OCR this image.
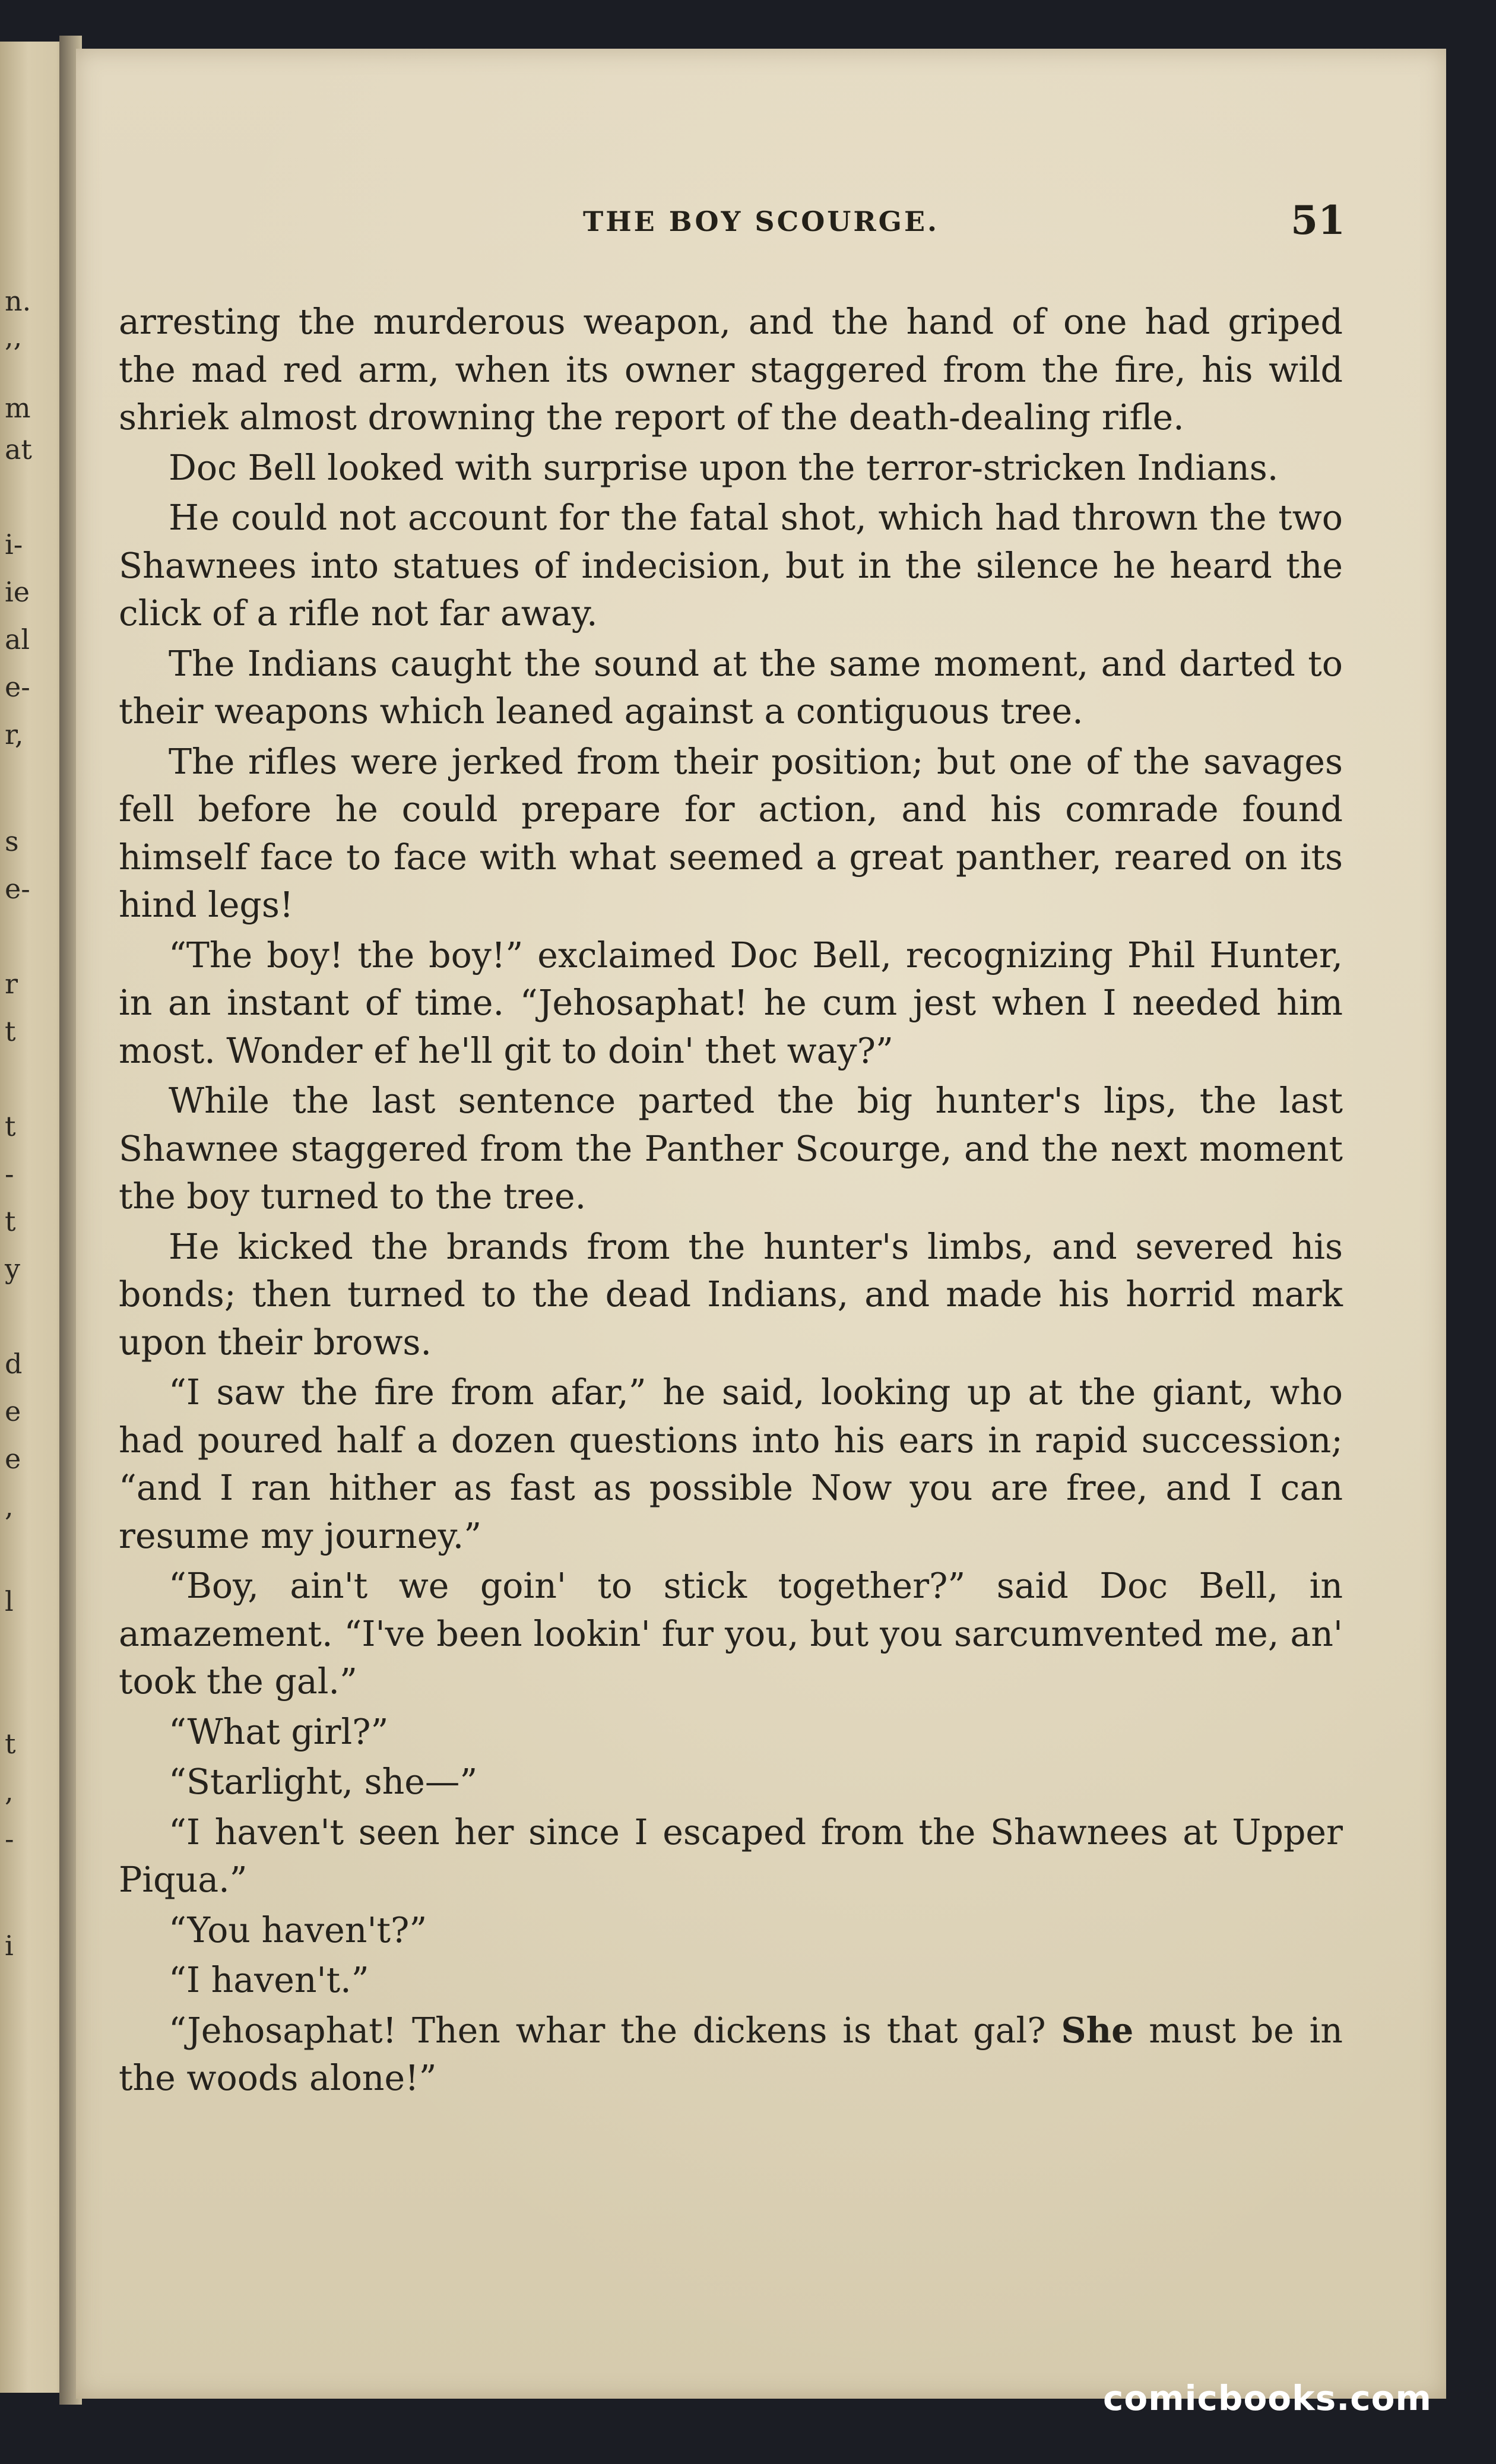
n.
,,
m
at
i-
ie
al
e-
r,
s
e-
r
t
t
-
t
y
d
e
e
,
l
t
,
-
i
THE BOY SCOURGE.	51

arresting the murderous weapon, and the hand of one had griped the mad red arm, when its owner staggered from the fire, his wild shriek almost drowning the report of the death-dealing rifle.

Doc Bell looked with surprise upon the terror-stricken Indians.

He could not account for the fatal shot, which had thrown the two Shawnees into statues of indecision, but in the silence he heard the click of a rifle not far away.

The Indians caught the sound at the same moment, and darted to their weapons which leaned against a contiguous tree.

The rifles were jerked from their position; but one of the savages fell before he could prepare for action, and his comrade found himself face to face with what seemed a great panther, reared on its hind legs!

“The boy! the boy!” exclaimed Doc Bell, recognizing Phil Hunter, in an instant of time. “Jehosaphat! he cum jest when I needed him most. Wonder ef he'll git to doin' thet way?”

While the last sentence parted the big hunter's lips, the last Shawnee staggered from the Panther Scourge, and the next moment the boy turned to the tree.

He kicked the brands from the hunter's limbs, and severed his bonds; then turned to the dead Indians, and made his horrid mark upon their brows.

“I saw the fire from afar,” he said, looking up at the giant, who had poured half a dozen questions into his ears in rapid succession; “and I ran hither as fast as possible Now you are free, and I can resume my journey.”

“Boy, ain't we goin' to stick together?” said Doc Bell, in amazement. “I've been lookin' fur you, but you sarcumvented me, an' took the gal.”

“What girl?”

“Starlight, she—”

“I haven't seen her since I escaped from the Shawnees at Upper Piqua.”

“You haven't?”

“I haven't.”

“Jehosaphat! Then whar the dickens is that gal? She must be in the woods alone!”

comicbooks.com
